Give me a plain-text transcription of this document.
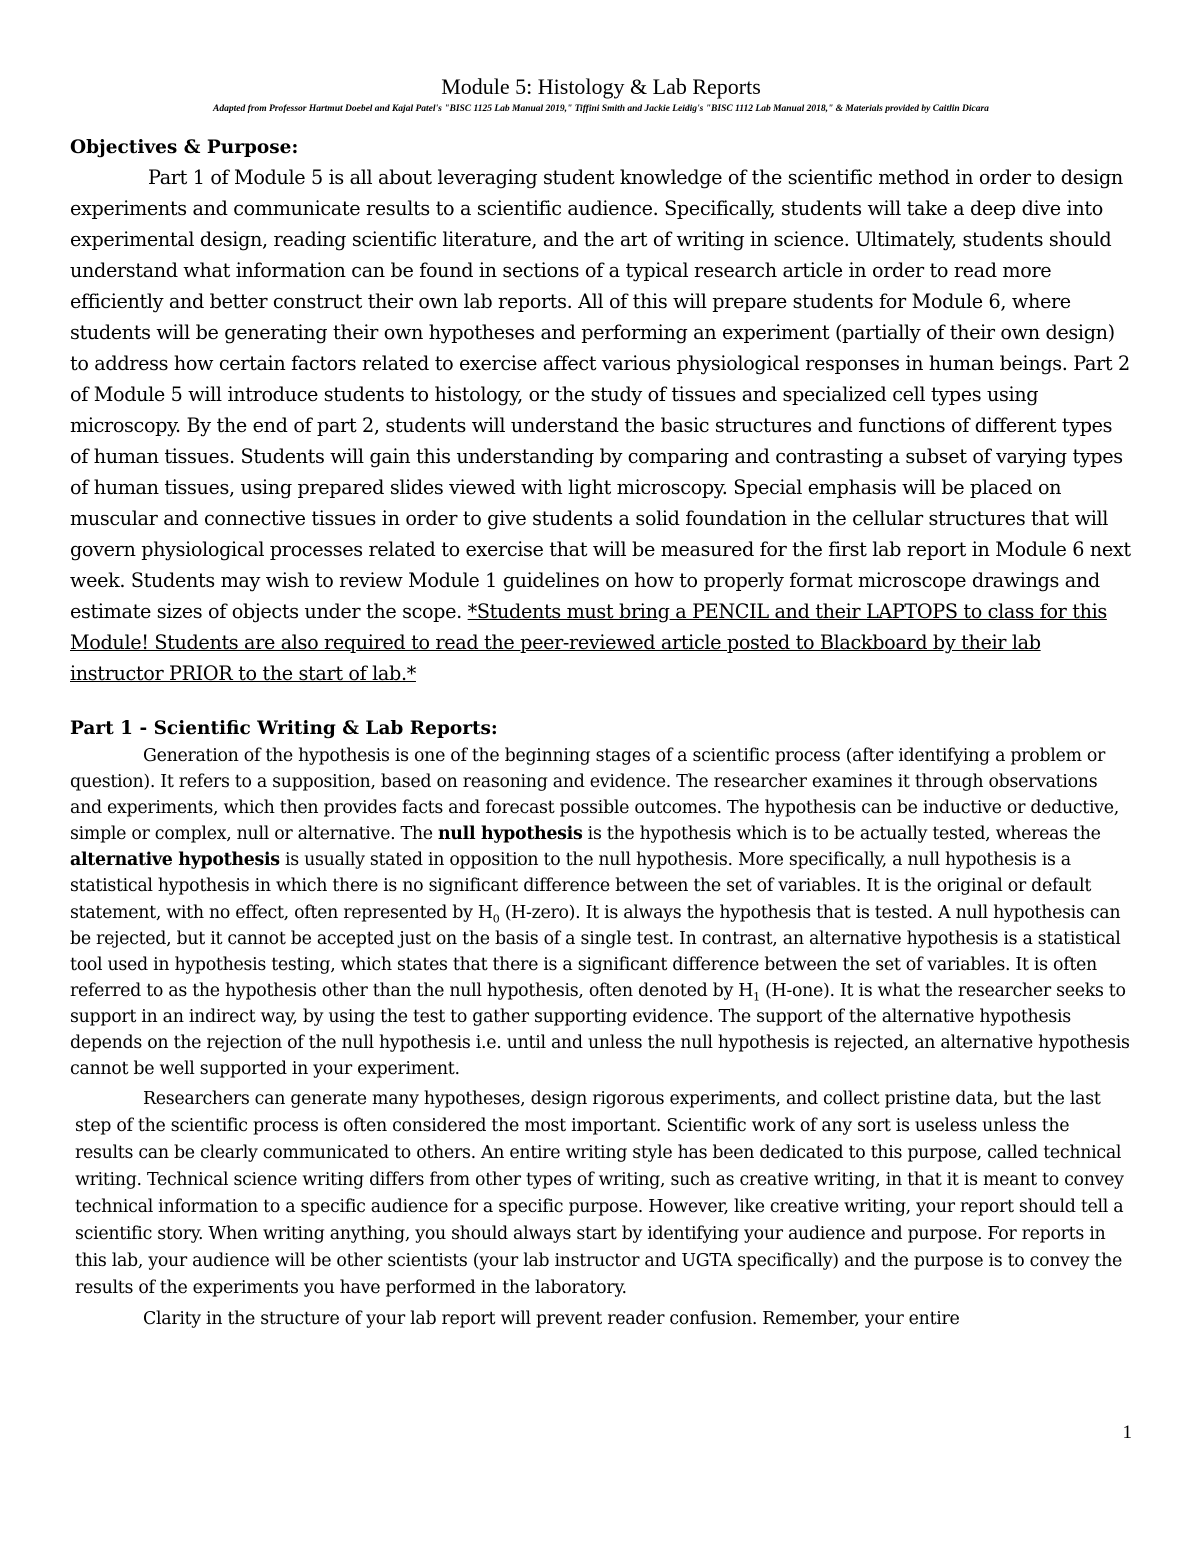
Module 5: Histology & Lab Reports

Adapted from Professor Hartmut Doebel and Kajal Patel's "BISC 1125 Lab Manual 2019," Tiffini Smith and Jackie Leidig's "BISC 1112 Lab Manual 2018," & Materials provided by Caitlin Dicara

Objectives & Purpose:

Part 1 of Module 5 is all about leveraging student knowledge of the scientific method in order to design experiments and communicate results to a scientific audience. Specifically, students will take a deep dive into experimental design, reading scientific literature, and the art of writing in science. Ultimately, students should understand what information can be found in sections of a typical research article in order to read more efficiently and better construct their own lab reports. All of this will prepare students for Module 6, where students will be generating their own hypotheses and performing an experiment (partially of their own design) to address how certain factors related to exercise affect various physiological responses in human beings. Part 2 of Module 5 will introduce students to histology, or the study of tissues and specialized cell types using microscopy. By the end of part 2, students will understand the basic structures and functions of different types of human tissues. Students will gain this understanding by comparing and contrasting a subset of varying types of human tissues, using prepared slides viewed with light microscopy. Special emphasis will be placed on muscular and connective tissues in order to give students a solid foundation in the cellular structures that will govern physiological processes related to exercise that will be measured for the first lab report in Module 6 next week. Students may wish to review Module 1 guidelines on how to properly format microscope drawings and estimate sizes of objects under the scope. *Students must bring a PENCIL and their LAPTOPS to class for this Module! Students are also required to read the peer-reviewed article posted to Blackboard by their lab instructor PRIOR to the start of lab.*

Part 1 - Scientific Writing & Lab Reports:

Generation of the hypothesis is one of the beginning stages of a scientific process (after identifying a problem or question). It refers to a supposition, based on reasoning and evidence. The researcher examines it through observations and experiments, which then provides facts and forecast possible outcomes. The hypothesis can be inductive or deductive, simple or complex, null or alternative. The null hypothesis is the hypothesis which is to be actually tested, whereas the alternative hypothesis is usually stated in opposition to the null hypothesis. More specifically, a null hypothesis is a statistical hypothesis in which there is no significant difference between the set of variables. It is the original or default statement, with no effect, often represented by $H_0$ (H-zero). It is always the hypothesis that is tested. A null hypothesis can be rejected, but it cannot be accepted just on the basis of a single test. In contrast, an alternative hypothesis is a statistical tool used in hypothesis testing, which states that there is a significant difference between the set of variables. It is often referred to as the hypothesis other than the null hypothesis, often denoted by $H_1$ (H-one). It is what the researcher seeks to support in an indirect way, by using the test to gather supporting evidence. The support of the alternative hypothesis depends on the rejection of the null hypothesis i.e. until and unless the null hypothesis is rejected, an alternative hypothesis cannot be well supported in your experiment.

Researchers can generate many hypotheses, design rigorous experiments, and collect pristine data, but the last step of the scientific process is often considered the most important. Scientific work of any sort is useless unless the results can be clearly communicated to others. An entire writing style has been dedicated to this purpose, called technical writing. Technical science writing differs from other types of writing, such as creative writing, in that it is meant to convey technical information to a specific audience for a specific purpose. However, like creative writing, your report should tell a scientific story. When writing anything, you should always start by identifying your audience and purpose. For reports in this lab, your audience will be other scientists (your lab instructor and UGTA specifically) and the purpose is to convey the results of the experiments you have performed in the laboratory.

Clarity in the structure of your lab report will prevent reader confusion. Remember, your entire

1
